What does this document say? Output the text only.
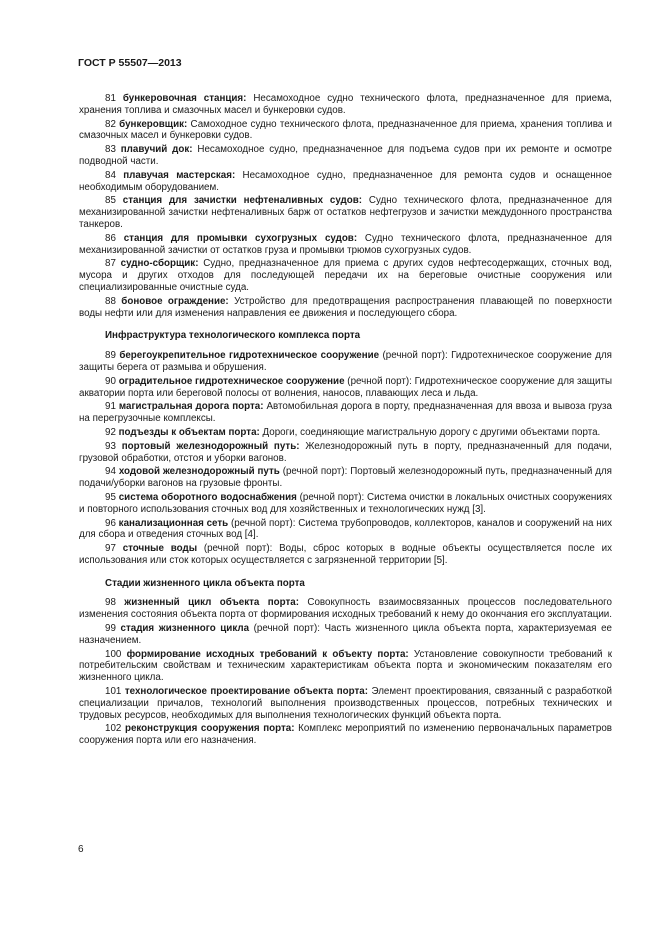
ГОСТ Р 55507—2013

81 бункеровочная станция: Несамоходное судно технического флота, предназначенное для приема, хранения топлива и смазочных масел и бункеровки судов.

82 бункеровщик: Самоходное судно технического флота, предназначенное для приема, хранения топлива и смазочных масел и бункеровки судов.

83 плавучий док: Несамоходное судно, предназначенное для подъема судов при их ремонте и осмотре подводной части.

84 плавучая мастерская: Несамоходное судно, предназначенное для ремонта судов и оснащенное необходимым оборудованием.

85 станция для зачистки нефтеналивных судов: Судно технического флота, предназначенное для механизированной зачистки нефтеналивных барж от остатков нефтегрузов и зачистки междудонного пространства танкеров.

86 станция для промывки сухогрузных судов: Судно технического флота, предназначенное для механизированной зачистки от остатков груза и промывки трюмов сухогрузных судов.

87 судно-сборщик: Судно, предназначенное для приема с других судов нефтесодержащих, сточных вод, мусора и других отходов для последующей передачи их на береговые очистные сооружения или специализированные очистные суда.

88 боновое ограждение: Устройство для предотвращения распространения плавающей по поверхности воды нефти или для изменения направления ее движения и последующего сбора.

Инфраструктура технологического комплекса порта

89 берегоукрепительное гидротехническое сооружение (речной порт): Гидротехническое сооружение для защиты берега от размыва и обрушения.

90 оградительное гидротехническое сооружение (речной порт): Гидротехническое сооружение для защиты акватории порта или береговой полосы от волнения, наносов, плавающих леса и льда.

91 магистральная дорога порта: Автомобильная дорога в порту, предназначенная для ввоза и вывоза груза на перегрузочные комплексы.

92 подъезды к объектам порта: Дороги, соединяющие магистральную дорогу с другими объектами порта.

93 портовый железнодорожный путь: Железнодорожный путь в порту, предназначенный для подачи, грузовой обработки, отстоя и уборки вагонов.

94 ходовой железнодорожный путь (речной порт): Портовый железнодорожный путь, предназначенный для подачи/уборки вагонов на грузовые фронты.

95 система оборотного водоснабжения (речной порт): Система очистки в локальных очистных сооружениях и повторного использования сточных вод для хозяйственных и технологических нужд [3].

96 канализационная сеть (речной порт): Система трубопроводов, коллекторов, каналов и сооружений на них для сбора и отведения сточных вод [4].

97 сточные воды (речной порт): Воды, сброс которых в водные объекты осуществляется после их использования или сток которых осуществляется с загрязненной территории [5].

Стадии жизненного цикла объекта порта

98 жизненный цикл объекта порта: Совокупность взаимосвязанных процессов последовательного изменения состояния объекта порта от формирования исходных требований к нему до окончания его эксплуатации.

99 стадия жизненного цикла (речной порт): Часть жизненного цикла объекта порта, характеризуемая ее назначением.

100 формирование исходных требований к объекту порта: Установление совокупности требований к потребительским свойствам и техническим характеристикам объекта порта и экономическим показателям его жизненного цикла.

101 технологическое проектирование объекта порта: Элемент проектирования, связанный с разработкой специализации причалов, технологий выполнения производственных процессов, потребных технических и трудовых ресурсов, необходимых для выполнения технологических функций объекта порта.

102 реконструкция сооружения порта: Комплекс мероприятий по изменению первоначальных параметров сооружения порта или его назначения.

6
